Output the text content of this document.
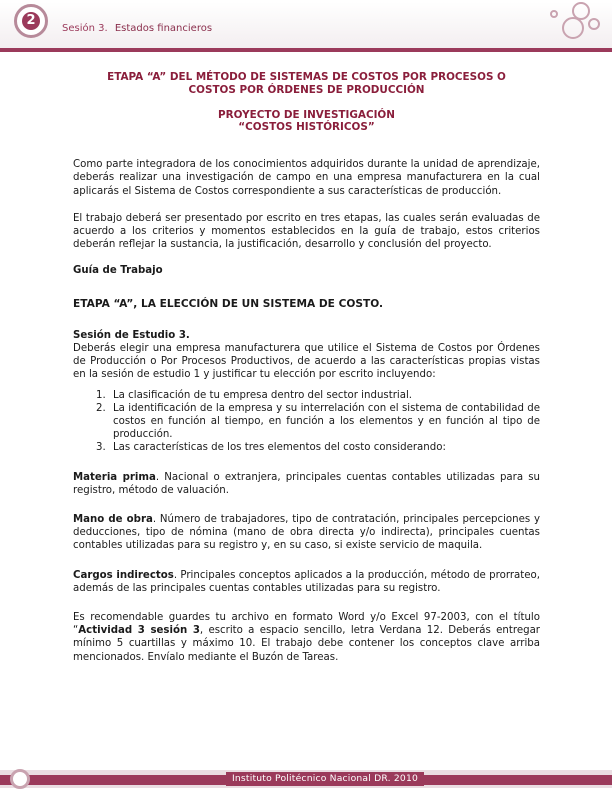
2
Sesión 3. Estados financieros
ETAPA “A” DEL MÉTODO DE SISTEMAS DE COSTOS POR PROCESOS O
COSTOS POR ÓRDENES DE PRODUCCIÓN
PROYECTO DE INVESTIGACIÓN
“COSTOS HISTÓRICOS”

Como parte integradora de los conocimientos adquiridos durante la unidad de aprendizaje, deberás realizar una investigación de campo en una empresa manufacturera en la cual aplicarás el Sistema de Costos correspondiente a sus características de producción.

El trabajo deberá ser presentado por escrito en tres etapas, las cuales serán evaluadas de acuerdo a los criterios y momentos establecidos en la guía de trabajo, estos criterios deberán reflejar la sustancia, la justificación, desarrollo y conclusión del proyecto.

Guía de Trabajo
ETAPA “A”, LA ELECCIÓN DE UN SISTEMA DE COSTO.
Sesión de Estudio 3.

Deberás elegir una empresa manufacturera que utilice el Sistema de Costos por Órdenes de Producción o Por Procesos Productivos, de acuerdo a las características propias vistas en la sesión de estudio 1 y justificar tu elección por escrito incluyendo:

1. La clasificación de tu empresa dentro del sector industrial.
2. La identificación de la empresa y su interrelación con el sistema de contabilidad de costos en función al tiempo, en función a los elementos y en función al tipo de producción.
3. Las características de los tres elementos del costo considerando:

Materia prima. Nacional o extranjera, principales cuentas contables utilizadas para su registro, método de valuación.

Mano de obra. Número de trabajadores, tipo de contratación, principales percepciones y deducciones, tipo de nómina (mano de obra directa y/o indirecta), principales cuentas contables utilizadas para su registro y, en su caso, si existe servicio de maquila.

Cargos indirectos. Principales conceptos aplicados a la producción, método de prorrateo, además de las principales cuentas contables utilizadas para su registro.

Es recomendable guardes tu archivo en formato Word y/o Excel 97-2003, con el título “Actividad 3 sesión 3, escrito a espacio sencillo, letra Verdana 12. Deberás entregar mínimo 5 cuartillas y máximo 10. El trabajo debe contener los conceptos clave arriba mencionados. Envíalo mediante el Buzón de Tareas.

Instituto Politécnico Nacional DR. 2010
